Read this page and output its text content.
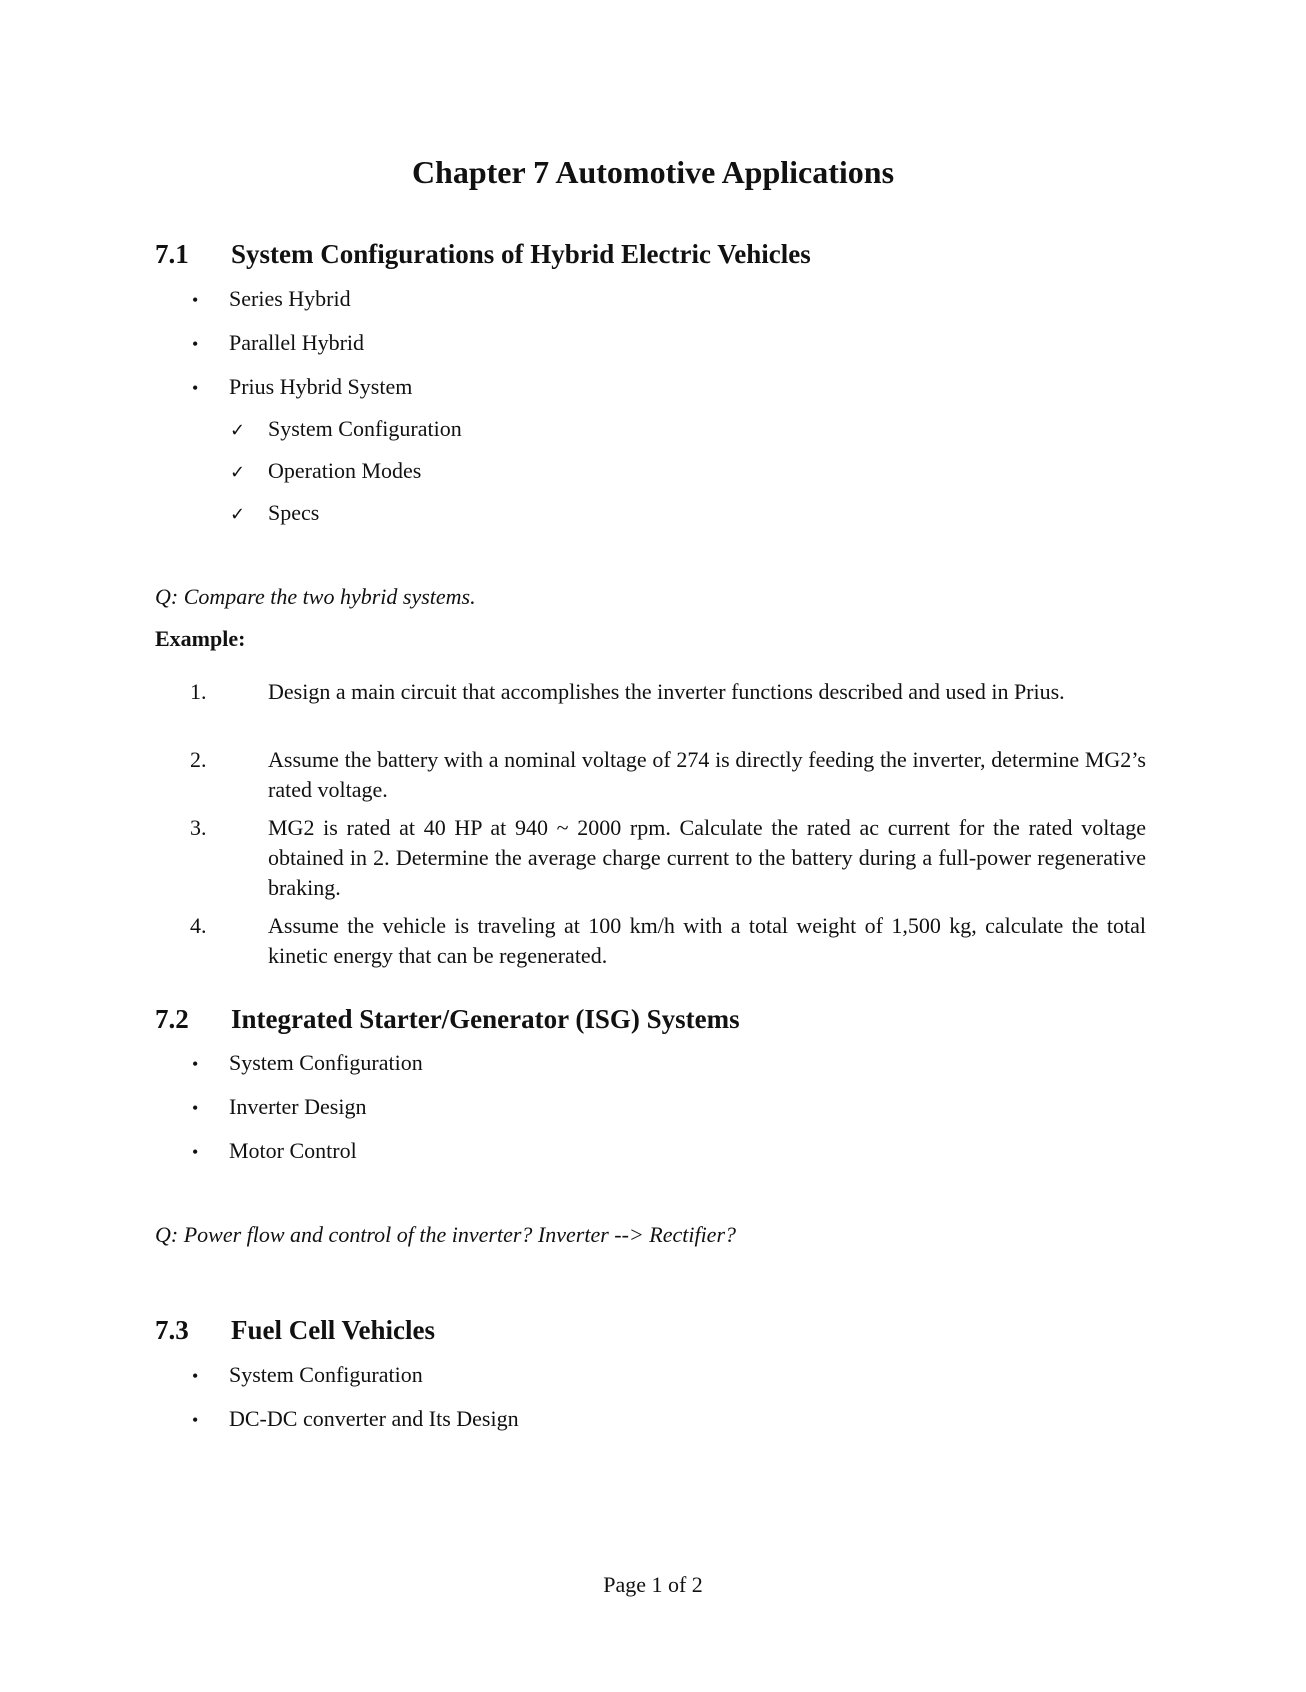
Chapter 7 Automotive Applications
7.1 System Configurations of Hybrid Electric Vehicles
• Series Hybrid
• Parallel Hybrid
• Prius Hybrid System
✓ System Configuration
✓ Operation Modes
✓ Specs
Q: Compare the two hybrid systems.
Example:
1.	Design a main circuit that accomplishes the inverter functions described and used in Prius.
2.	Assume the battery with a nominal voltage of 274 is directly feeding the inverter, determine MG2’s rated voltage.
3.	MG2 is rated at 40 HP at 940 ~ 2000 rpm. Calculate the rated ac current for the rated voltage obtained in 2. Determine the average charge current to the battery during a full-power regenerative braking.
4.	Assume the vehicle is traveling at 100 km/h with a total weight of 1,500 kg, calculate the total kinetic energy that can be regenerated.
7.2 Integrated Starter/Generator (ISG) Systems
• System Configuration
• Inverter Design
• Motor Control
Q: Power flow and control of the inverter? Inverter --> Rectifier?
7.3 Fuel Cell Vehicles
• System Configuration
• DC-DC converter and Its Design
Page 1 of 2
